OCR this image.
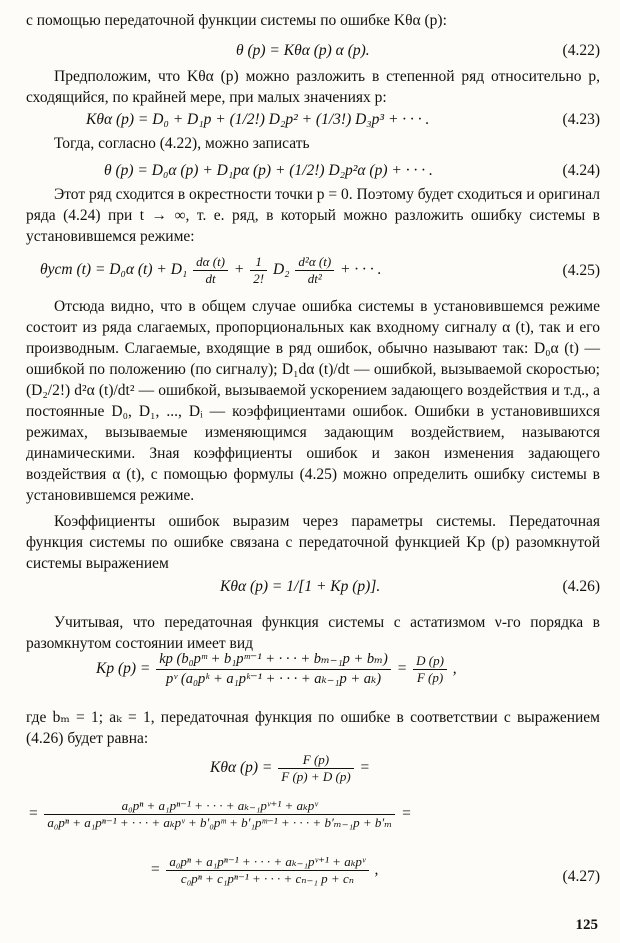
с помощью передаточной функции системы по ошибке Kθα (p):
θ (p) = Kθα (p) α (p).	(4.22)
Предположим, что Kθα (p) можно разложить в степенной ряд относительно p, сходящийся, по крайней мере, при малых значениях p:
Kθα (p) = D₀ + D₁p + (1/2!) D₂p² + (1/3!) D₃p³ + · · · .	(4.23)
Тогда, согласно (4.22), можно записать
θ (p) = D₀α (p) + D₁pα (p) + (1/2!) D₂p²α (p) + · · · .	(4.24)
Этот ряд сходится в окрестности точки p = 0. Поэтому будет сходиться и оригинал ряда (4.24) при t → ∞, т. е. ряд, в который можно разложить ошибку системы в установившемся режиме:
θуст (t) = D₀α $(t) + D_1 \frac{d\alpha (t)}{dt} + \frac{1}{2!} D_2 \frac{\text{d²α (t)}}{\text{dt²}}$ + · · · .	(4.25)
Отсюда видно, что в общем случае ошибка системы в установившемся режиме состоит из ряда слагаемых, пропорциональных как входному сигналу α (t), так и его производным. Слагаемые, входящие в ряд ошибок, обычно называют так: D₀α (t) — ошибкой по положению (по сигналу); D₁dα (t)/dt — ошибкой, вызываемой скоростью; (D₂/2!) d²α (t)/dt² — ошибкой, вызываемой ускорением задающего воздействия и т.д., а постоянные D₀, D₁, ..., Dᵢ — коэффициентами ошибок. Ошибки в установившихся режимах, вызываемые изменяющимся задающим воздействием, называются динамическими. Зная коэффициенты ошибок и закон изменения задающего воздействия α (t), с помощью формулы (4.25) можно определить ошибку системы в установившемся режиме.
Коэффициенты ошибок выразим через параметры системы. Передаточная функция системы по ошибке связана с передаточной функцией Kр (p) разомкнутой системы выражением
Kθα (p) = 1/[1 + Kр (p)].	(4.26)
Учитывая, что передаточная функция системы с астатизмом ν-го порядка в разомкнутом состоянии имеет вид
Kр $(p) = \frac{\text{kр (b₀pᵐ + b₁pᵐ⁻¹ + · · · + bₘ₋₁p + bₘ)}}{\text{pᵛ (a₀pᵏ + a₁pᵏ⁻¹ + · · · + aₖ₋₁p + aₖ)}} = \frac{D (p)}{F (p)}$ ,
где bₘ = 1; aₖ = 1, передаточная функция по ошибке в соответствии с выражением (4.26) будет равна:
Kθα $(p) = \frac{F (p)}{F (p) + D (p)}$ =
=	a₀pⁿ + a₁pⁿ⁻¹ + · · · + aₖ₋₁pᵛ⁺¹ + aₖpᵛ
a₀pⁿ + a₁pⁿ⁻¹ + · · · + aₖpᵛ + b′₀pᵐ + b′₁pᵐ⁻¹ + · · · + b′ₘ₋₁p + b′ₘ
=
= $\frac{\text{a₀pⁿ + a₁pⁿ⁻¹ + · · · + aₖ₋₁pᵛ⁺¹ + aₖpᵛ}}{\text{c₀pⁿ + c₁pⁿ⁻¹ + · · · + cₙ₋₁ p + cₙ}}$ ,	(4.27)
125
